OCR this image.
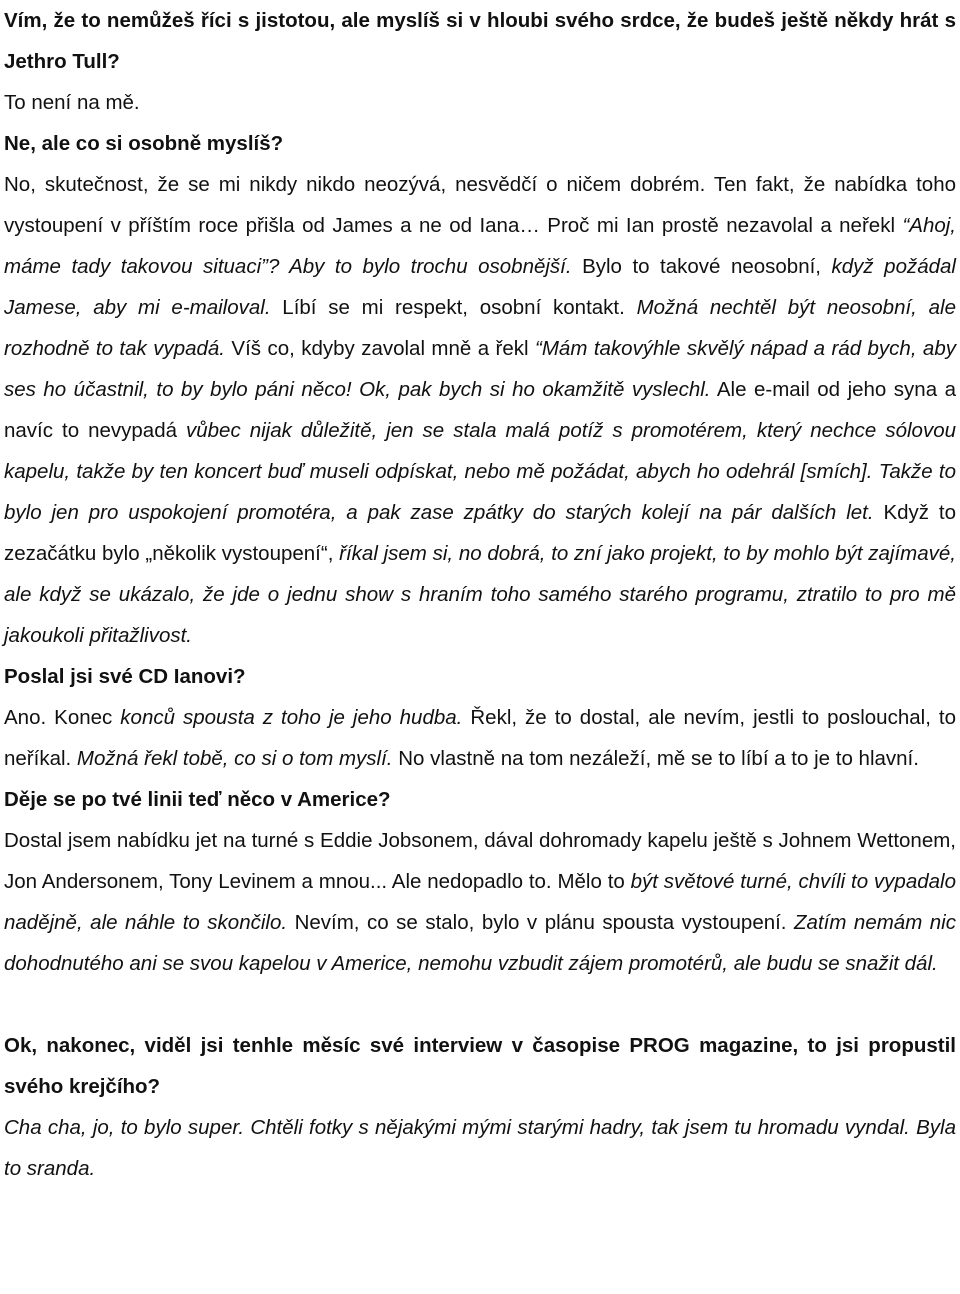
Vím, že to nemůžeš říci s jistotou, ale myslíš si v hloubi svého srdce, že budeš ještě někdy hrát s Jethro Tull?

To není na mě.

Ne, ale co si osobně myslíš?

No, skutečnost, že se mi nikdy nikdo neozývá, nesvědčí o ničem dobrém. Ten fakt, že nabídka toho vystoupení v příštím roce přišla od James a ne od Iana… Proč mi Ian prostě nezavolal a neřekl “Ahoj, máme tady takovou situaci”? Aby to bylo trochu osobnější. Bylo to takové neosobní, když požádal Jamese, aby mi e-mailoval. Líbí se mi respekt, osobní kontakt. Možná nechtěl být neosobní, ale rozhodně to tak vypadá. Víš co, kdyby zavolal mně a řekl “Mám takovýhle skvělý nápad a rád bych, aby ses ho účastnil, to by bylo páni něco! Ok, pak bych si ho okamžitě vyslechl. Ale e-mail od jeho syna a navíc to nevypadá vůbec nijak důležitě, jen se stala malá potíž s promotérem, který nechce sólovou kapelu, takže by ten koncert buď museli odpískat, nebo mě požádat, abych ho odehrál [smích]. Takže to bylo jen pro uspokojení promotéra, a pak zase zpátky do starých kolejí na pár dalších let. Když to zezačátku bylo „několik vystoupení“, říkal jsem si, no dobrá, to zní jako projekt, to by mohlo být zajímavé, ale když se ukázalo, že jde o jednu show s hraním toho samého starého programu, ztratilo to pro mě jakoukoli přitažlivost.

Poslal jsi své CD Ianovi?

Ano. Konec konců spousta z toho je jeho hudba. Řekl, že to dostal, ale nevím, jestli to poslouchal, to neříkal. Možná řekl tobě, co si o tom myslí. No vlastně na tom nezáleží, mě se to líbí a to je to hlavní.

Děje se po tvé linii teď něco v Americe?

Dostal jsem nabídku jet na turné s Eddie Jobsonem, dával dohromady kapelu ještě s Johnem Wettonem, Jon Andersonem, Tony Levinem a mnou... Ale nedopadlo to. Mělo to být světové turné, chvíli to vypadalo nadějně, ale náhle to skončilo. Nevím, co se stalo, bylo v plánu spousta vystoupení. Zatím nemám nic dohodnutého ani se svou kapelou v Americe, nemohu vzbudit zájem promotérů, ale budu se snažit dál.

Ok, nakonec, viděl jsi tenhle měsíc své interview v časopise PROG magazine, to jsi propustil svého krejčího?

Cha cha, jo, to bylo super. Chtěli fotky s nějakými mými starými hadry, tak jsem tu hromadu vyndal. Byla to sranda.
